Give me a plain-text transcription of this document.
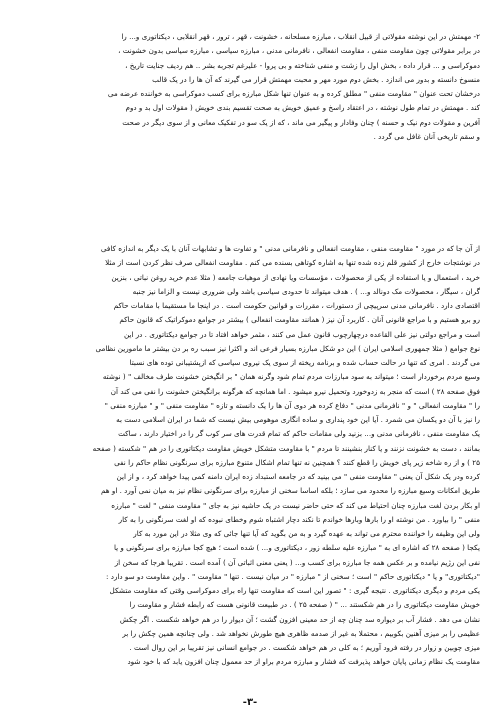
۲- مهمتش در این نوشته مقولاتی از قبیل انقلاب ، مبارزه مسلحانه ، خشونت ، قهر ، ترور ، قهر انقلابی ، دیکتاتوری و... را
در برابر مقولاتی چون مقاومت منفی ، مقاومت انفعالی ، نافرمانی مدنی ، مبارزه سیاسی ، مبارزه سیاسی بدون خشونت ،
دموکراسی و ... قرار داده ، بخش اول را زشت و منفی شناخته و بی پروا - علیرغم تجربه بشر .. هم ردیف جنایت تاریخ ،
منسوخ دانسته و بدور می اندازد . بخش دوم مورد مهر و محبت مهمتش قرار می گیرند که آن ها را در یک قالب
درخشان تحت عنوان " مقاومت منفی " مطلق کرده و به عنوان تنها شکل مبارزه برای کسب دموکراسی به خواننده عرضه می
کند . مهمتش در تمام طول نوشته ، در اعتقاد راسخ و عمیق خویش به صحت تقسیم بندی خویش ( مقولات اول بد و دوم
آفرین و مقولات دوم نیک و حسنه ) چنان وفادار و پیگیر می ماند ، که از یک سو در تفکیک معانی و از سوی دیگر در صحت
و سقم تاریخی آنان غافل می گردد .
از آن جا که در مورد " مقاومت منفی ، مقاومت انفعالی و نافرمانی مدنی " و تفاوت ها و تشابهات آنان با یک دیگر به اندازه کافی
در نوشتجات خارج از کشور قلم زده شده تنها به اشاره کوتاهی بسنده می کنم . مقاومت انفعالی صرف نظر کردن است از مثلا
خرید ، استعمال و یا استفاده از یکی از محصولات ، مؤسسات ویا نهادی از موهبات جامعه ( مثلا عدم خرید روغن نباتی ، بنزین
گران ، سیگار ، محصولات مک دونالد و... ) . هدف میتواند تا حدودی سیاسی باشد ولی ضروری نیست و الزاما نیز جنبه
اقتصادی دارد . نافرمانی مدنی سرپیچی از دستورات ، مقررات و قوانین حکومت است . در اینجا ما مستقیما با مقامات حاکم
رو برو هستیم و با مراجع قانونی آنان . کاربرد آن نیز ( همانند مقاومت انفعالی ) بیشتر در جوامع دموکراتیک که قانون حاکم
است و مراجع دولتی نیز علی القاعده درچهارچوب قانون عمل می کنند ، مثمر خواهد افتاد تا در جوامع دیکتاتوری . در این
نوع جوامع ( مثلا جمهوری اسلامی ایران ) این دو شکل مبارزه بسیار فرعی اند و اکثرا نیز سبب ره بر دن بیشتر ما مامورین نظامی
می گردند . امری که تنها در حالت حساب شده و برنامه ریخته از سوی یک نیروی سیاسی که ازپشتیبانی توده های نسبتا
وسیع مردم برخوردار است ؛ میتواند به سود مبارزات مردم تمام شود وگرنه همان " بر انگیختن خشونت طرف مخالف " ( نوشته
فوق صفحه ۲۸ ) است که منجر به زدوخورد وتحمیل نیرو میشود . اما همانچه که هرگونه برانگیختن خشونت را نفی می کند آن
را " مقاومت انفعالی " و " نافرمانی مدنی " دفاع کرده هر دوی آن ها را یک دانسته و تازه " مقاومت منفی " و " مبارزه منفی "
را نیز با آن دو یکسان می شمرد . آیا این خود پنداری و ساده انگاری موهومی بیش نیست که شما در ایران اسلامی دست به
یک مقاومت منفی ، نافرمانی مدنی و... بزنید ولی مقامات حاکم که تمام قدرت های سر کوب گر را در اختیار دارند ، ساکت
بمانند ، دست به خشونت نزنند و یا کنار بنشینند تا مردم " با مقاومت متشکل خویش مقاومت دیکتاتوری را در هم " شکسته ( صفحه
۲۵ ) و از ره شاخه زیر پای خویش را قطع کنند ؟ همچنین نه تنها تمام اشکال متنوع مبارزه برای سرنگونی نظام حاکم را نفی
کرده ودر یک شکل آن یعنی " مقاومت منفی " می بینید که در جامعه استبداد زده ایران دامنه کمی پیدا خواهد کرد ، و از این
طریق امکانات وسیع مبارزه را محدود می سازد ؛ بلکه اساسا سخنی از مبارزه برای سرنگونی نظام نیز به میان نمی آورد . او هم
او بکار بردن لغت مبارزه چنان احتیاط می کند که حتی حاضر نیست در یک حاشیه نیز به جای " مقاومت منفی " لغت " مبارزه
منفی " را بیاورد . من نوشته او را بارها وبارها خواندم تا نکند دچار اشتباه شوم وخطای نبوده که او لغت سرنگونی را به کار
ولی این وظیفه را خواننده محترم می تواند به عهده گیرد و به من بگوید که آیا تنها جائی که وی مثلا در این مورد به کار
یکجا ( صفحه ۲۸ که اشاره ای به " مبارزه علیه سلطه زور ، دیکتاتوری و... ) شده است ؛ هیچ کجا مبارزه برای سرنگونی و یا
نفی این رژیم نیامده و بر عکس همه جا مبارزه برای کسب و... ( یعنی معنی اثباتی آن ) آمده است . تقریبا هرجا که سخن از
"دیکتاتوری" و یا " دیکتاتوری حاکم " است ؛ سخنی از " مبارزه " در میان نیست . تنها " مقاومت " . واین مقاومت دو سو دارد :
یکی مردم و دیگری دیکتاتوری . نتیجه گیری : " تصور این است که مقاومت تنها راه برای دموکراسی وقتی که مقاومت متشکل
خویش مقاومت دیکتاتوری را در هم شکستند ... " ( صفحه ۲۵ ) . در طبیعت قانونی هست که رابطه فشار و مقاومت را
نشان می دهد . فشار آب بر دیواره سد چنان چه از حد معینی افزون گشت ؛ آن دیوار را در هم خواهد شکست . اگر چکش
عظیمی را بر میزی آهنین بکوبیم ، محتملا به غیر از صدمه ظاهری هیچ طورش نخواهد شد . ولی چنانچه همین چکش را بر
میزی چوبین و زوار در رفته فرود آوریم ؛ به کلی در هم خواهد شکست . در جوامع انسانی نیز تقریبا بر این روال است .
مقاومت یک نظام زمانی پایان خواهد پذیرفت که فشار و مبارزه مردم براو از حد معمول چنان افزون یابد که با خود شود
-۳-
